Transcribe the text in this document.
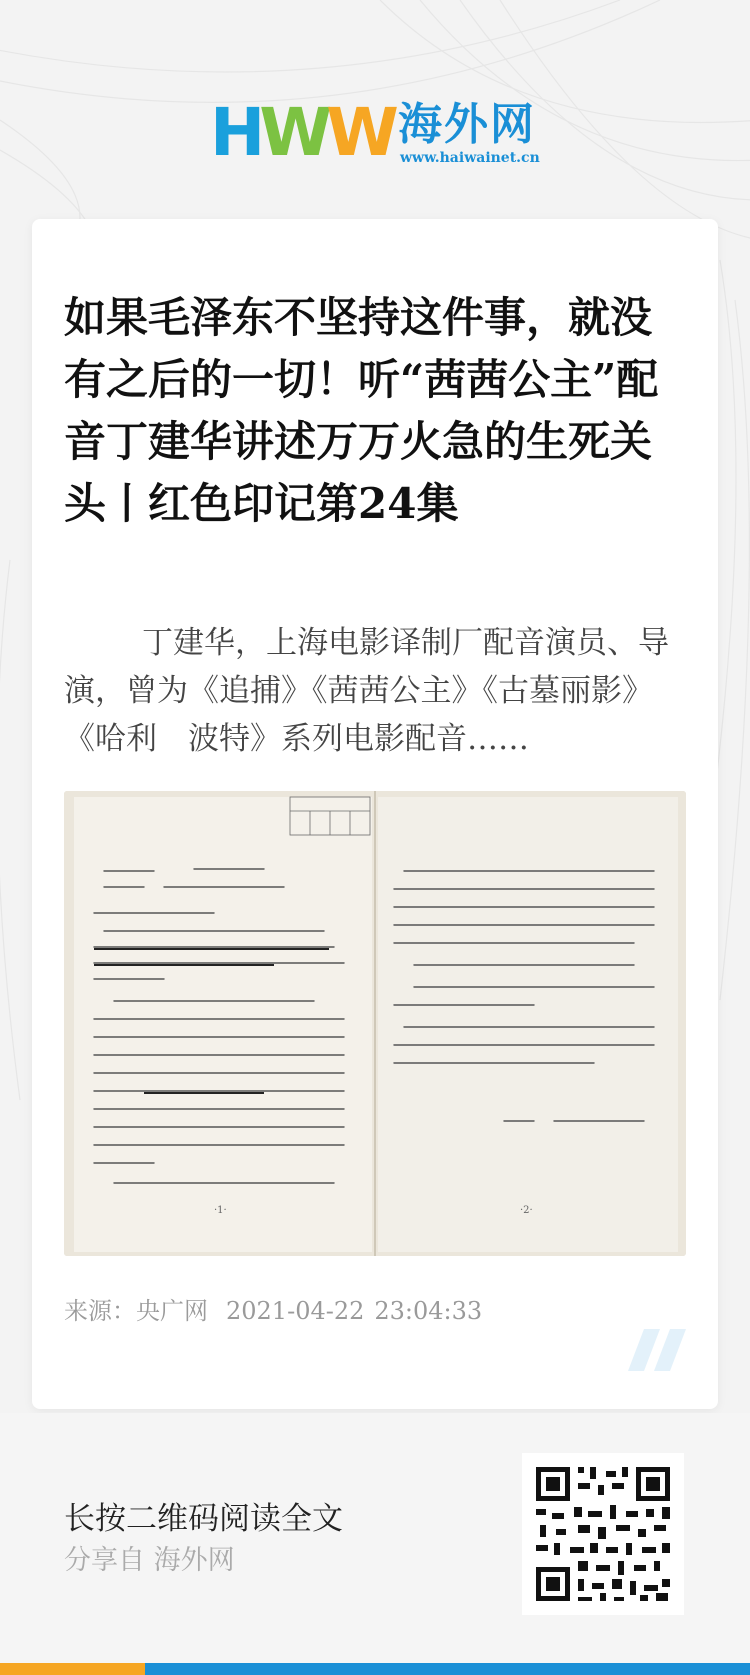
HWW 海外网
www.haiwainet.cn
如果毛泽东不坚持这件事，就没有之后的一切！听“茜茜公主”配音丁建华讲述万万火急的生死关头丨红色印记第24集

丁建华，上海电影译制厂配音演员、导演，曾为《追捕》《茜茜公主》《古墓丽影》《哈利　波特》系列电影配音……

·1·	·2·
来源：央广网 2021-04-22 23:04:33
长按二维码阅读全文
分享自 海外网
